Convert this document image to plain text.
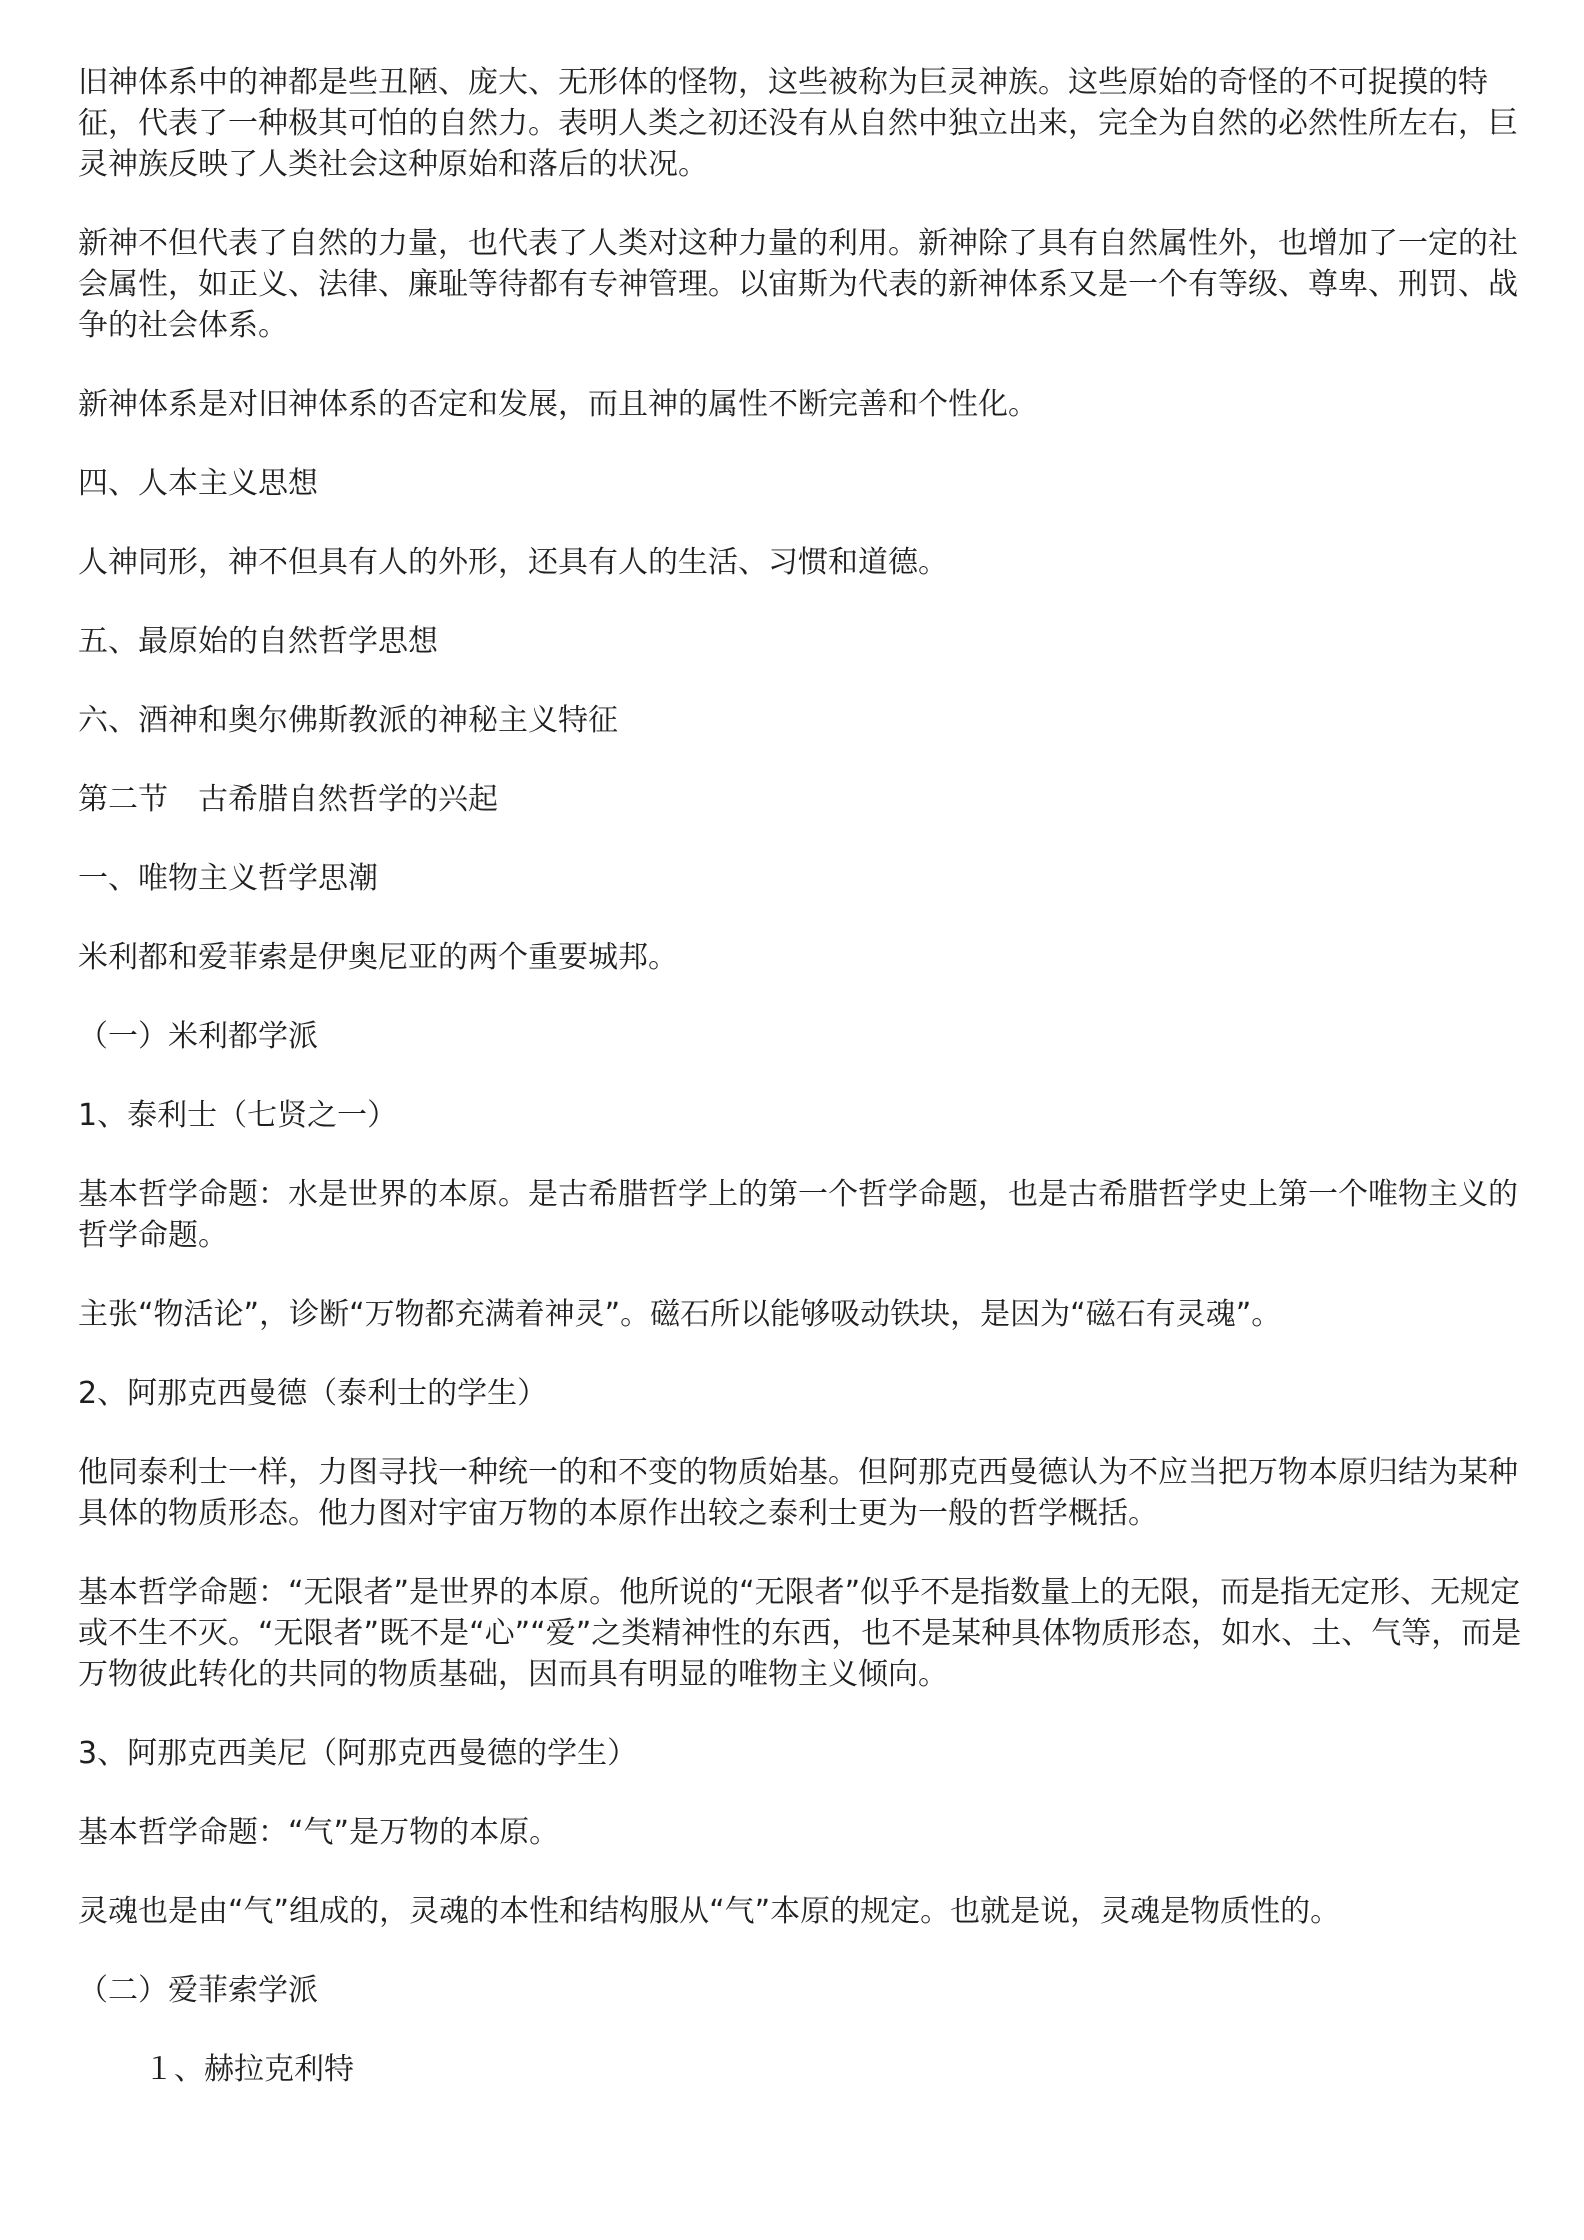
旧神体系中的神都是些丑陋、庞大、无形体的怪物，这些被称为巨灵神族。这些原始的奇怪的不可捉摸的特征，代表了一种极其可怕的自然力。表明人类之初还没有从自然中独立出来，完全为自然的必然性所左右，巨灵神族反映了人类社会这种原始和落后的状况。

新神不但代表了自然的力量，也代表了人类对这种力量的利用。新神除了具有自然属性外，也增加了一定的社会属性，如正义、法律、廉耻等待都有专神管理。以宙斯为代表的新神体系又是一个有等级、尊卑、刑罚、战争的社会体系。

新神体系是对旧神体系的否定和发展，而且神的属性不断完善和个性化。

四、人本主义思想

人神同形，神不但具有人的外形，还具有人的生活、习惯和道德。

五、最原始的自然哲学思想

六、酒神和奥尔佛斯教派的神秘主义特征

第二节　古希腊自然哲学的兴起

一、唯物主义哲学思潮

米利都和爱菲索是伊奥尼亚的两个重要城邦。

（一）米利都学派

1、泰利士（七贤之一）

基本哲学命题：水是世界的本原。是古希腊哲学上的第一个哲学命题，也是古希腊哲学史上第一个唯物主义的哲学命题。

主张“物活论”，诊断“万物都充满着神灵”。磁石所以能够吸动铁块，是因为“磁石有灵魂”。

2、阿那克西曼德（泰利士的学生）

他同泰利士一样，力图寻找一种统一的和不变的物质始基。但阿那克西曼德认为不应当把万物本原归结为某种具体的物质形态。他力图对宇宙万物的本原作出较之泰利士更为一般的哲学概括。

基本哲学命题：“无限者”是世界的本原。他所说的“无限者”似乎不是指数量上的无限，而是指无定形、无规定或不生不灭。“无限者”既不是“心”“爱”之类精神性的东西，也不是某种具体物质形态，如水、土、气等，而是万物彼此转化的共同的物质基础，因而具有明显的唯物主义倾向。

3、阿那克西美尼（阿那克西曼德的学生）

基本哲学命题：“气”是万物的本原。

灵魂也是由“气”组成的，灵魂的本性和结构服从“气”本原的规定。也就是说，灵魂是物质性的。

（二）爱菲索学派

１、赫拉克利特
